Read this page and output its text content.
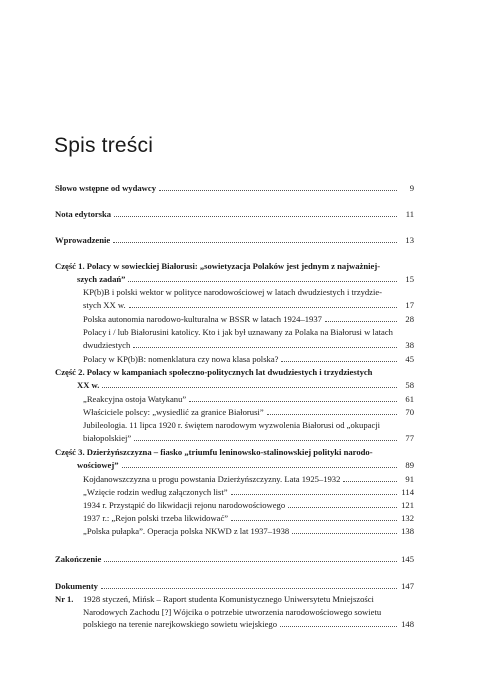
Spis treści
Słowo wstępne od wydawcy	9
Nota edytorska	11
Wprowadzenie	13
Część 1. Polacy w sowieckiej Białorusi: „sowietyzacja Polaków jest jednym z najważniej-
szych zadań”	15
KP(b)B i polski wektor w polityce narodowościowej w latach dwudziestych i trzydzie-
stych XX w.	17
Polska autonomia narodowo-kulturalna w BSSR w latach 1924–1937	28
Polacy i / lub Białorusini katolicy. Kto i jak był uznawany za Polaka na Białorusi w latach
dwudziestych	38
Polacy w KP(b)B: nomenklatura czy nowa klasa polska?	45
Część 2. Polacy w kampaniach społeczno-politycznych lat dwudziestych i trzydziestych
XX w.	58
„Reakcyjna ostoja Watykanu”	61
Właściciele polscy: „wysiedlić za granice Białorusi”	70
Jubileologia. 11 lipca 1920 r. świętem narodowym wyzwolenia Białorusi od „okupacji
białopolskiej”	77
Część 3. Dzierżyńszczyzna – fiasko „triumfu leninowsko-stalinowskiej polityki narodo-
wościowej”	89
Kojdanowszczyzna u progu powstania Dzierżyńszczyzny. Lata 1925–1932	91
„Wzięcie rodzin według załączonych list”	114
1934 r. Przystąpić do likwidacji rejonu narodowościowego	121
1937 r.: „Rejon polski trzeba likwidować”	132
„Polska pułapka”. Operacja polska NKWD z lat 1937–1938	138
Zakończenie	145
Dokumenty	147
Nr 1. 1928 styczeń, Mińsk – Raport studenta Komunistycznego Uniwersytetu Mniejszości
Narodowych Zachodu [?] Wójcika o potrzebie utworzenia narodowościowego sowietu
polskiego na terenie narejkowskiego sowietu wiejskiego	148
